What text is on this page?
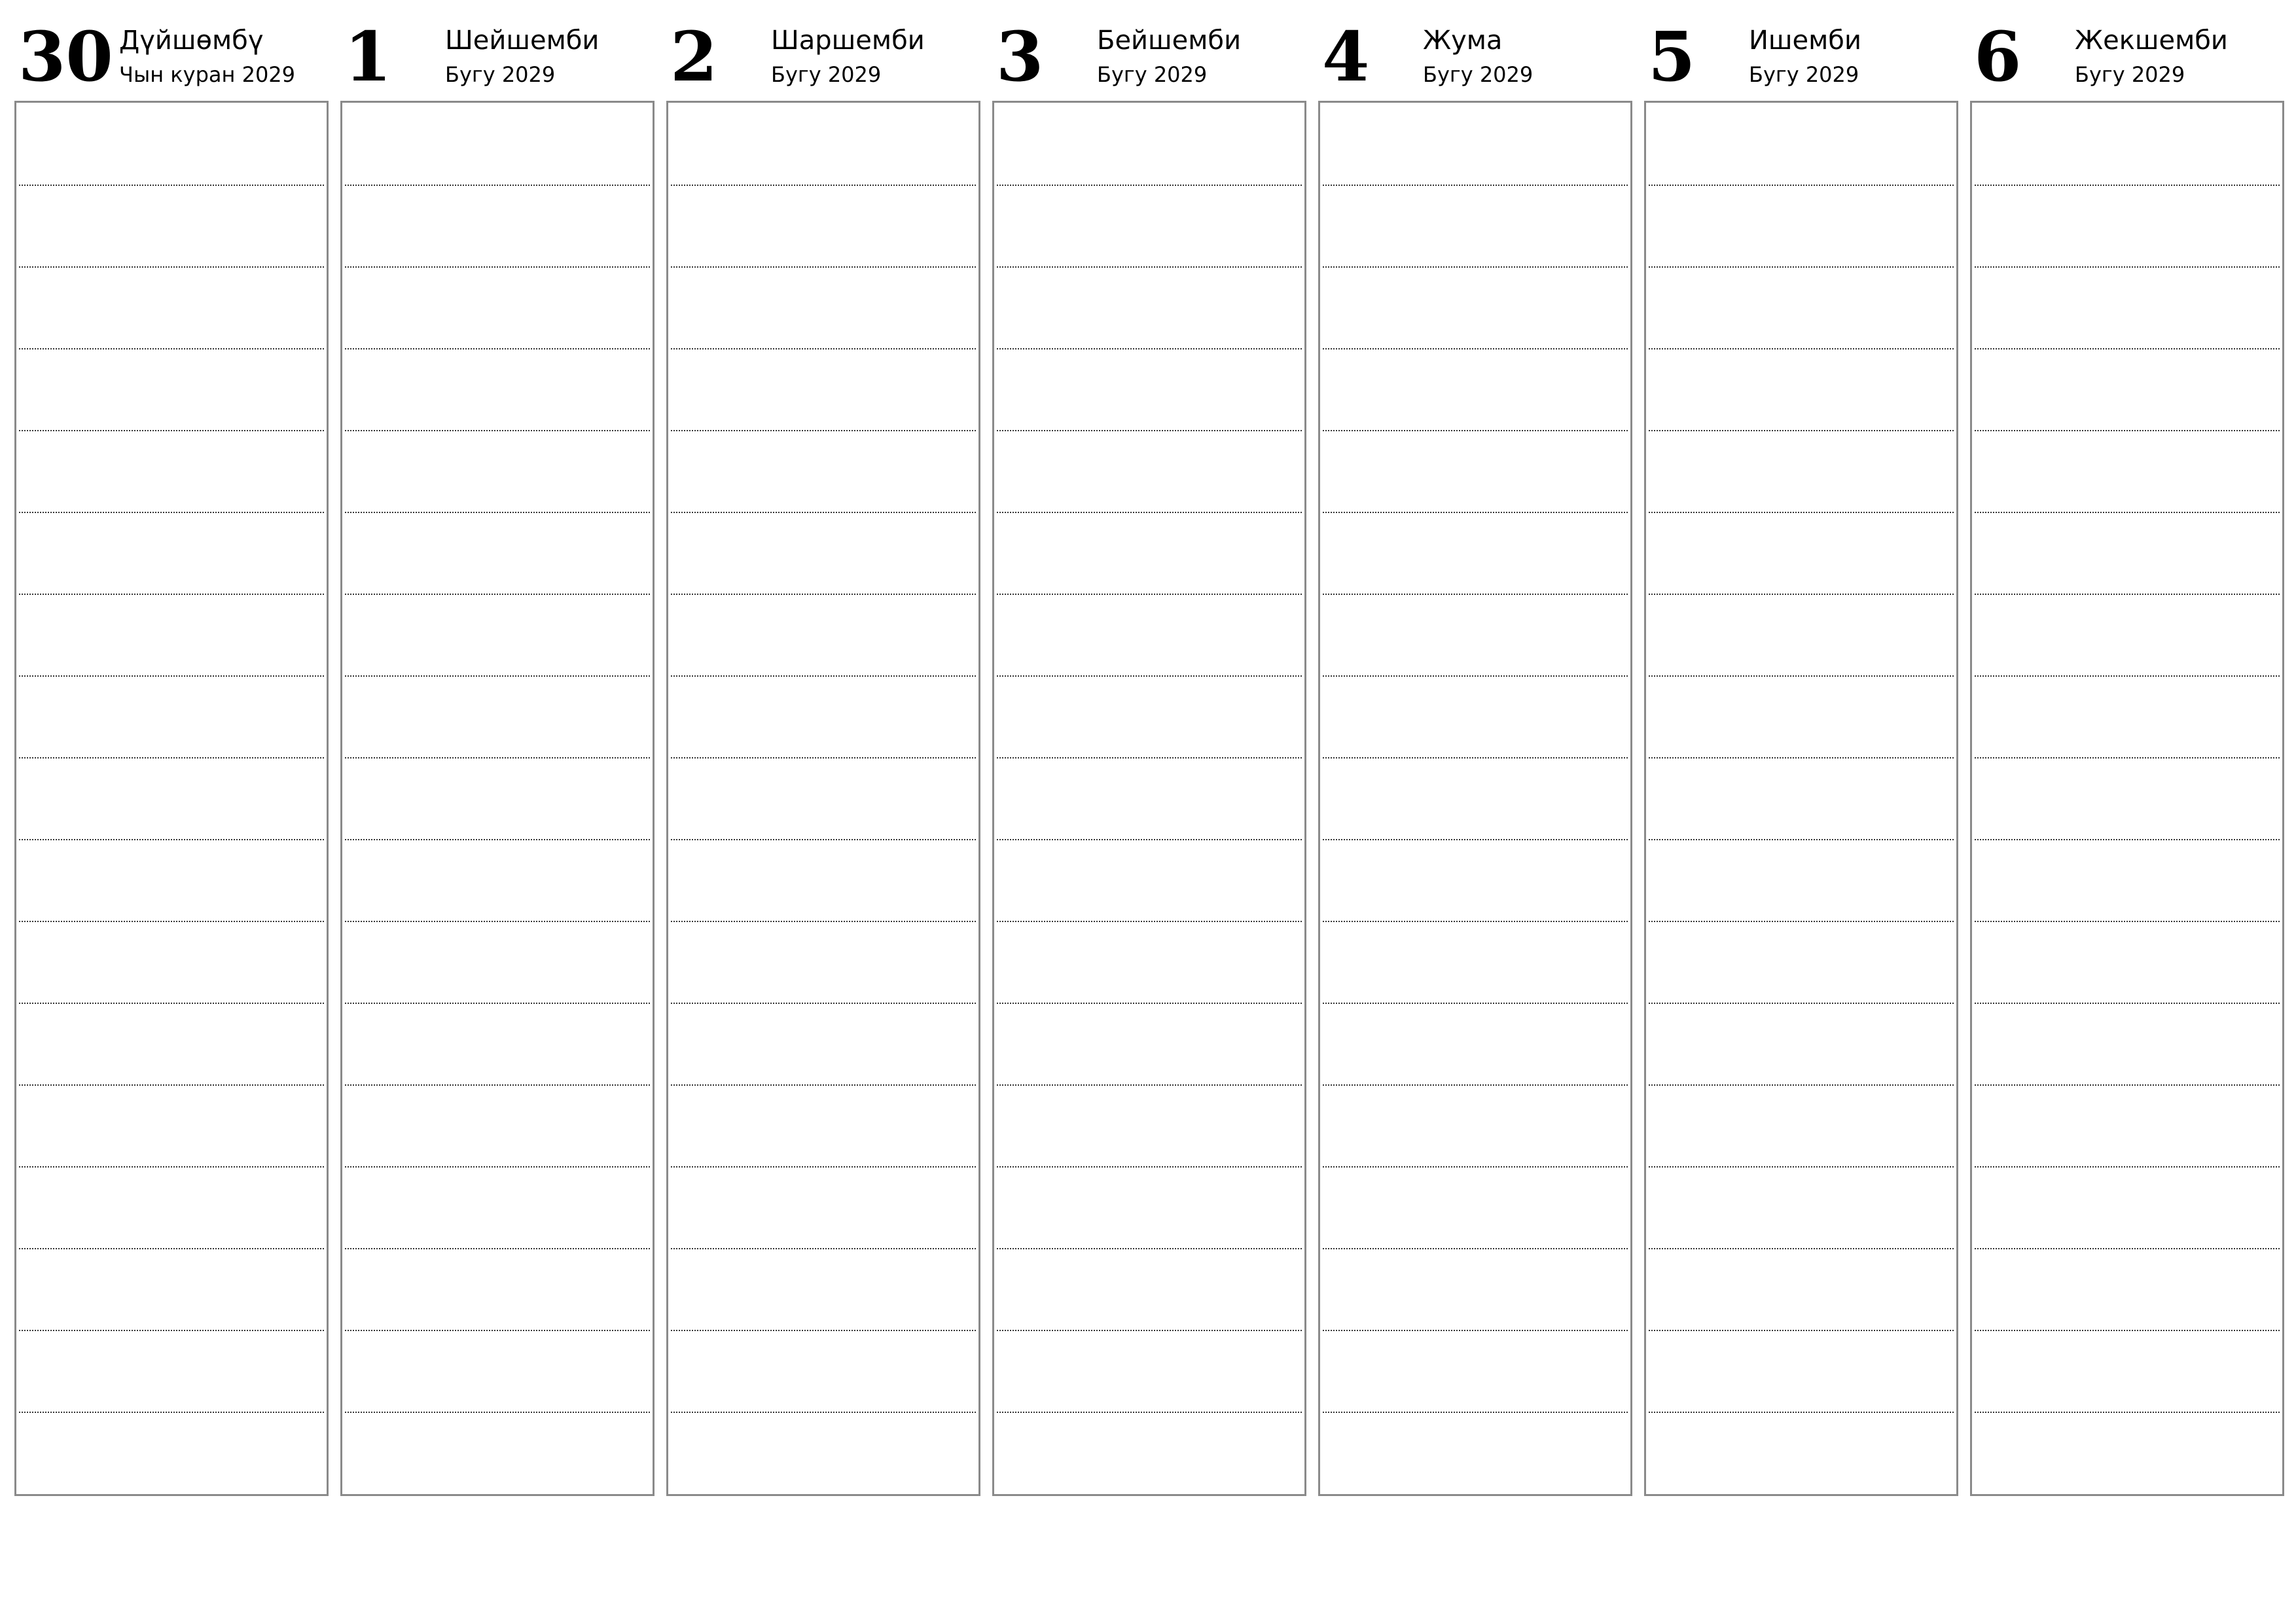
30 Дүйшөмбү
Чын куран 2029 1 Шейшемби
Бугу 2029 2 Шаршемби
Бугу 2029 3 Бейшемби
Бугу 2029 4 Жума
Бугу 2029 5 Ишемби
Бугу 2029 6 Жекшемби
Бугу 2029
